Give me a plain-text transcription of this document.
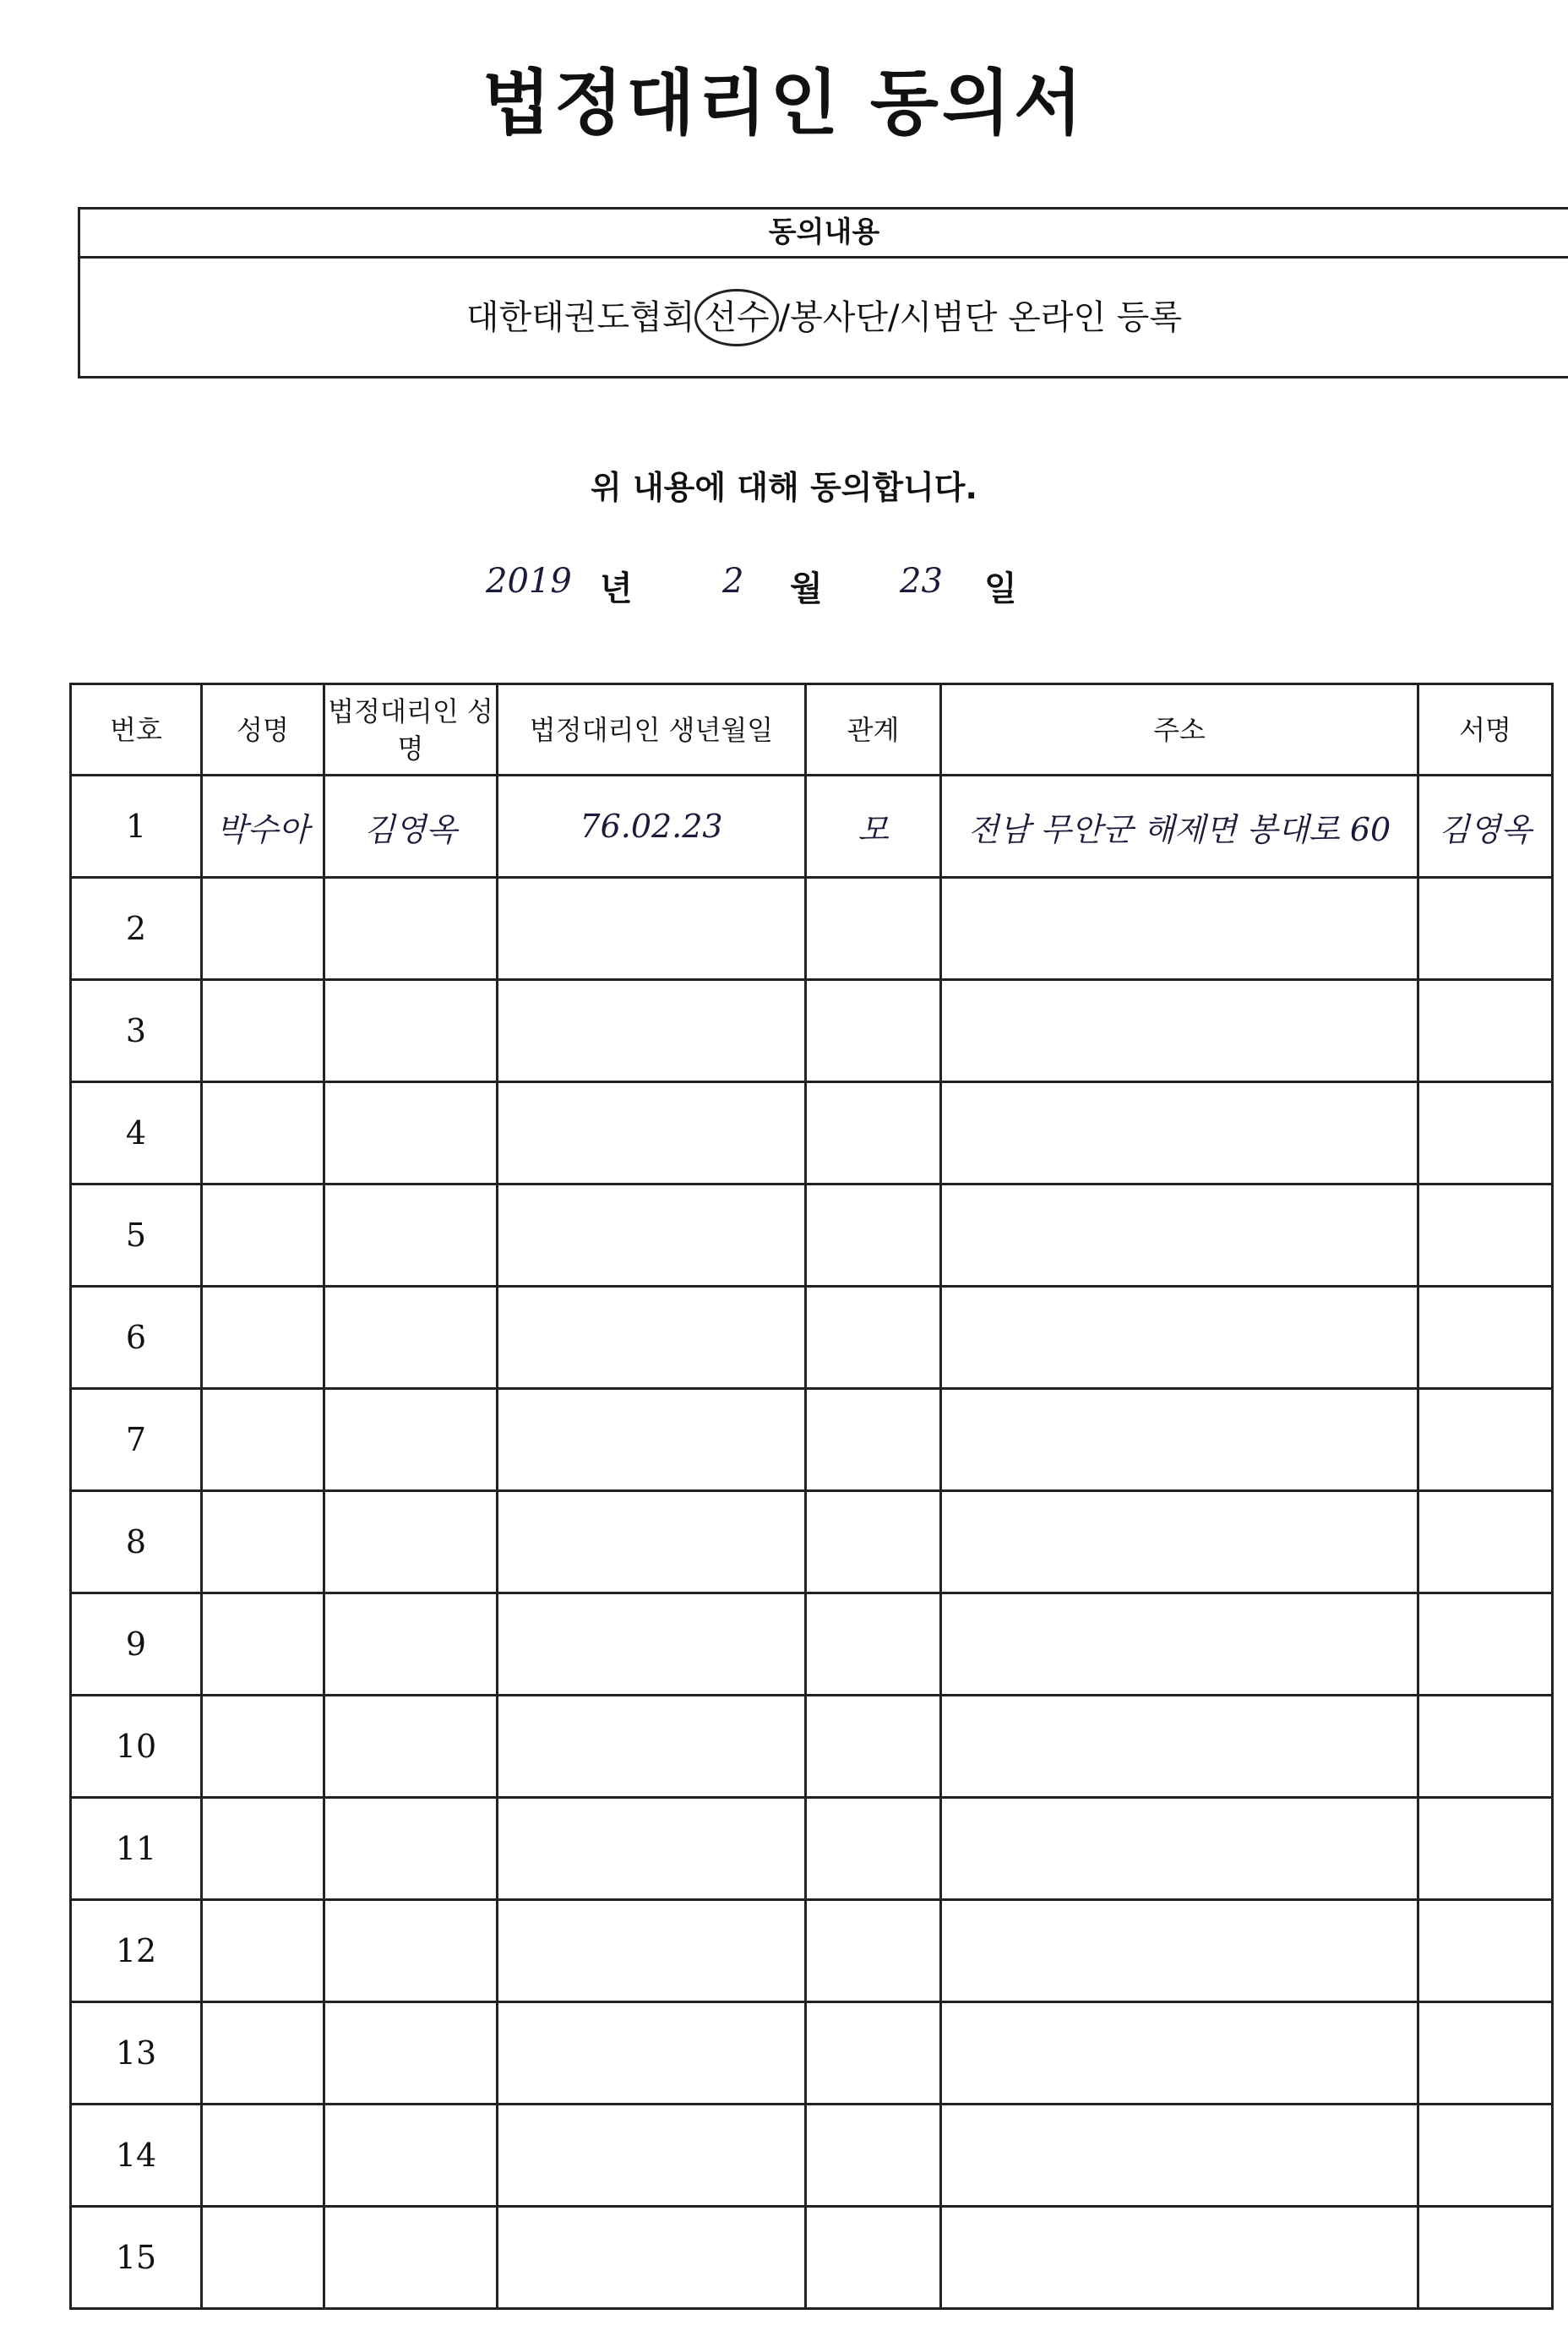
법정대리인 동의서
동의내용
대한태권도협회 선수 /봉사단/시범단 온라인 등록
위 내용에 대해 동의합니다.
2019 년	2 월 23 일
번호	성명	법정대리인 성명	법정대리인 생년월일	관계	주소	서명
1	박수아	김영옥	76.02.23	모	전남 무안군 해제면 봉대로 60	김영옥
2						
3						
4						
5						
6						
7						
8						
9						
10						
11						
12						
13						
14						
15						
